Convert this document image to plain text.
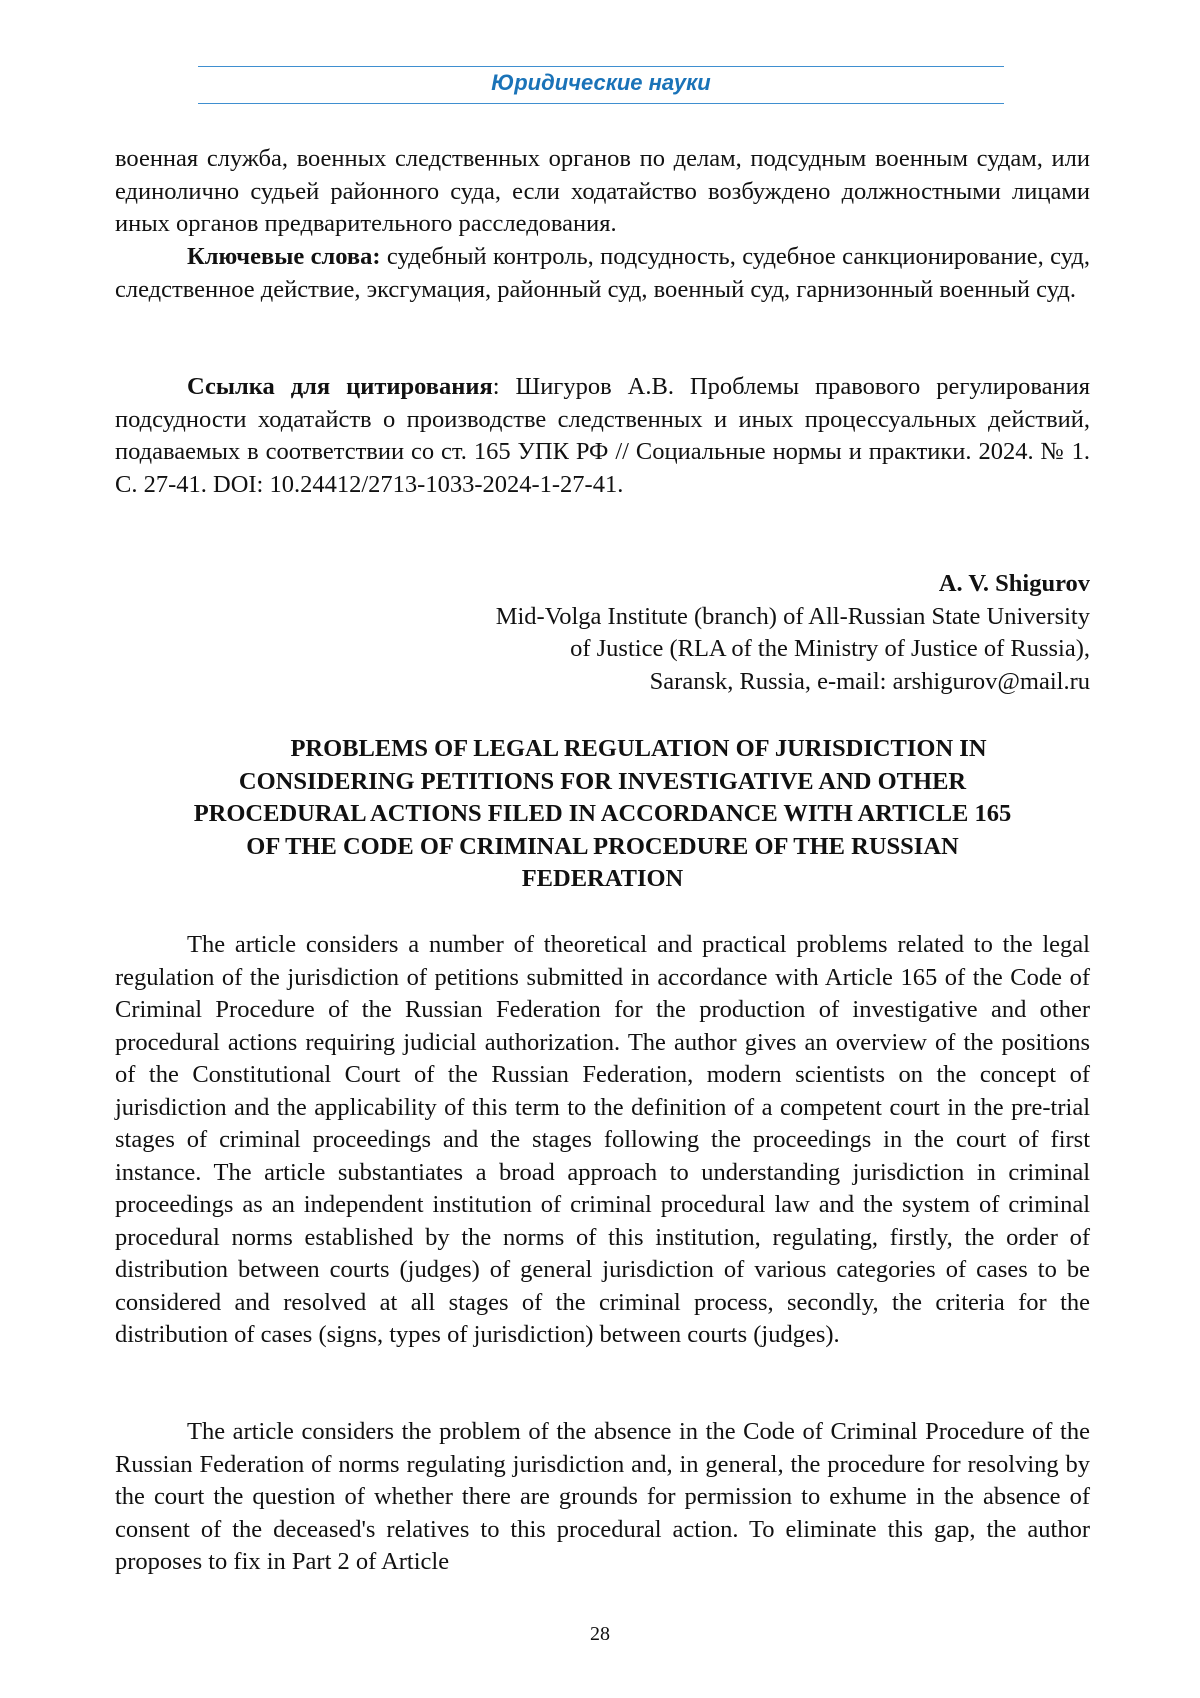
Юридические науки
военная служба, военных следственных органов по делам, подсудным военным судам, или единолично судьей районного суда, если ходатайство возбуждено должностными лицами иных органов предварительного расследования.
Ключевые слова: судебный контроль, подсудность, судебное санкционирование, суд, следственное действие, эксгумация, районный суд, военный суд, гарнизонный военный суд.
Ссылка для цитирования: Шигуров А.В. Проблемы правового регулирования подсудности ходатайств о производстве следственных и иных процессуальных действий, подаваемых в соответствии со ст. 165 УПК РФ // Социальные нормы и практики. 2024. № 1. С. 27-41. DOI: 10.24412/2713-1033-2024-1-27-41.
A. V. Shigurov
Mid-Volga Institute (branch) of All-Russian State University
of Justice (RLA of the Ministry of Justice of Russia),
Saransk, Russia, e-mail: arshigurov@mail.ru
PROBLEMS OF LEGAL REGULATION OF JURISDICTION IN
CONSIDERING PETITIONS FOR INVESTIGATIVE AND OTHER
PROCEDURAL ACTIONS FILED IN ACCORDANCE WITH ARTICLE 165
OF THE CODE OF CRIMINAL PROCEDURE OF THE RUSSIAN
FEDERATION
The article considers a number of theoretical and practical problems related to the legal regulation of the jurisdiction of petitions submitted in accordance with Article 165 of the Code of Criminal Procedure of the Russian Federation for the production of investigative and other procedural actions requiring judicial authorization. The author gives an overview of the positions of the Constitutional Court of the Russian Federation, modern scientists on the concept of jurisdiction and the applicability of this term to the definition of a competent court in the pre-trial stages of criminal proceedings and the stages following the proceedings in the court of first instance. The article substantiates a broad approach to understanding jurisdiction in criminal proceedings as an independent institution of criminal procedural law and the system of criminal procedural norms established by the norms of this institution, regulating, firstly, the order of distribution between courts (judges) of general jurisdiction of various categories of cases to be considered and resolved at all stages of the criminal process, secondly, the criteria for the distribution of cases (signs, types of jurisdiction) between courts (judges).
The article considers the problem of the absence in the Code of Criminal Procedure of the Russian Federation of norms regulating jurisdiction and, in general, the procedure for resolving by the court the question of whether there are grounds for permission to exhume in the absence of consent of the deceased's relatives to this procedural action. To eliminate this gap, the author proposes to fix in Part 2 of Article
28
